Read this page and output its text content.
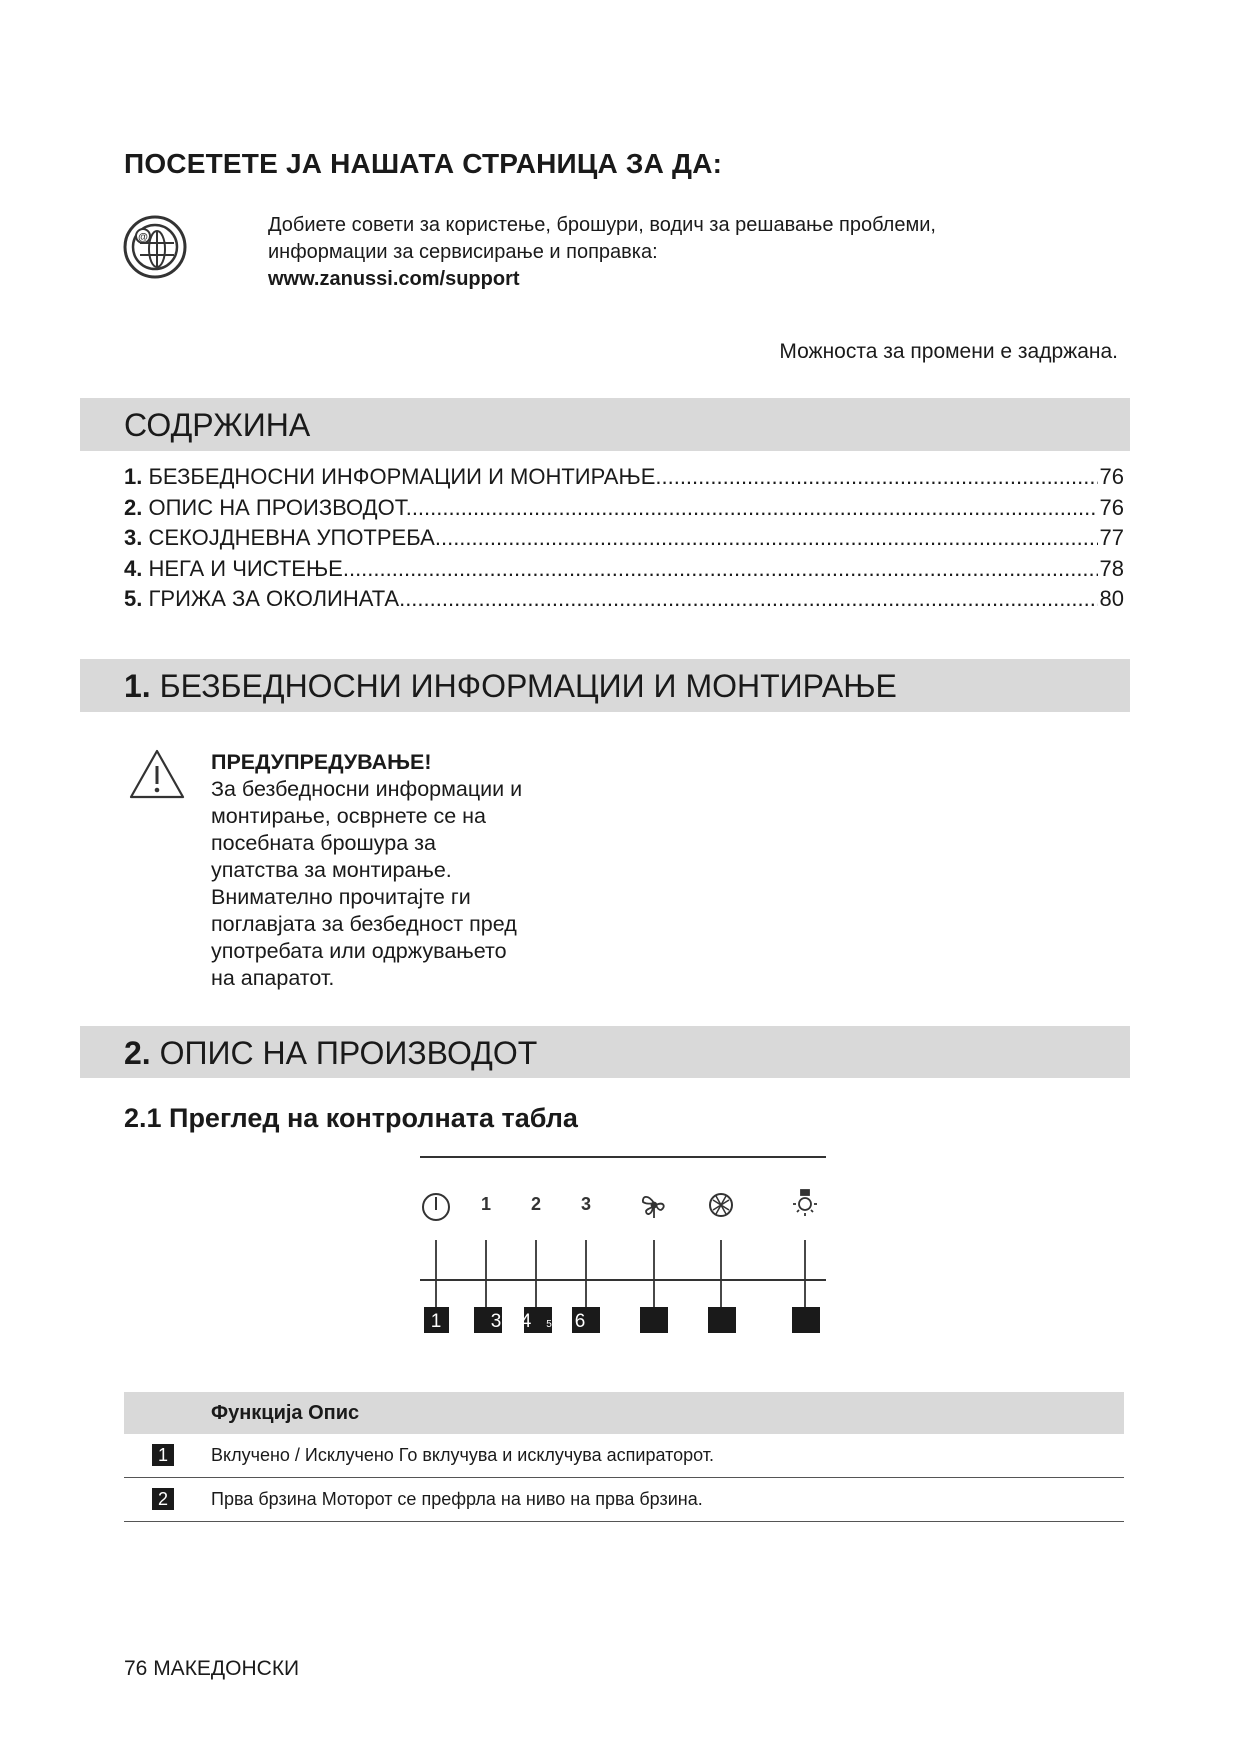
ПОСЕТЕТЕ ЈА НАШАТА СТРАНИЦА ЗА ДА:
@
Добиете совети за користење, брошури, водич за решавање проблеми,
информации за сервисирање и поправка:
www.zanussi.com/support
Можноста за промени е задржана.
СОДРЖИНА
1. БЕЗБЕДНОСНИ ИНФОРМАЦИИ И МОНТИРАЊЕ .....	76
2. ОПИС НА ПРОИЗВОДОТ .....	76
3. СЕКОЈДНЕВНА УПОТРЕБА .....	77
4. НЕГА И ЧИСТЕЊЕ .....	78
5. ГРИЖА ЗА ОКОЛИНАТА .....	80
1. БЕЗБЕДНОСНИ ИНФОРМАЦИИ И МОНТИРАЊЕ
ПРЕДУПРЕДУВАЊЕ!
За безбедносни информации и
монтирање, осврнете се на
посебната брошура за
упатства за монтирање.
Внимателно прочитајте ги
поглавјата за безбедност пред
употребата или одржувањето
на апаратот.
2. ОПИС НА ПРОИЗВОДОТ
2.1 Преглед на контролната табла
1 2 3
1	3 4 5 6
Функција Опис
1	Вклучено / Исклучено Го вклучува и исклучува аспираторот.
2	Прва брзина Моторот се префрла на ниво на прва брзина.
76 МАКЕДОНСКИ
